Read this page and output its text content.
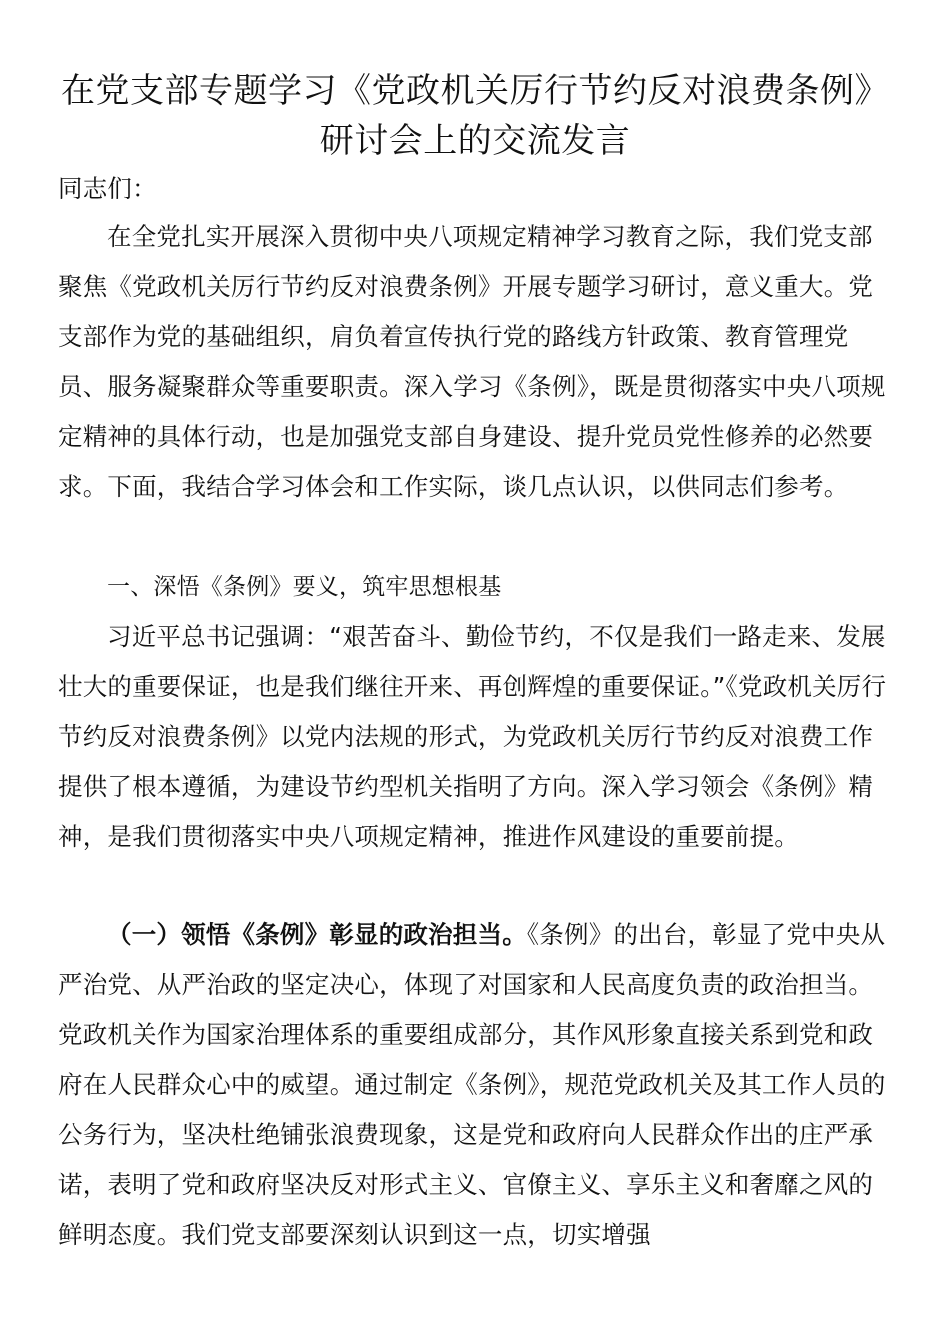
在党支部专题学习《党政机关厉行节约反对浪费条例》研讨会上的交流发言

同志们：

在全党扎实开展深入贯彻中央八项规定精神学习教育之际，我们党支部聚焦《党政机关厉行节约反对浪费条例》开展专题学习研讨，意义重大。党支部作为党的基础组织，肩负着宣传执行党的路线方针政策、教育管理党员、服务凝聚群众等重要职责。深入学习《条例》，既是贯彻落实中央八项规定精神的具体行动，也是加强党支部自身建设、提升党员党性修养的必然要求。下面，我结合学习体会和工作实际，谈几点认识，以供同志们参考。

一、深悟《条例》要义，筑牢思想根基

习近平总书记强调：“艰苦奋斗、勤俭节约，不仅是我们一路走来、发展壮大的重要保证，也是我们继往开来、再创辉煌的重要保证。”《党政机关厉行节约反对浪费条例》以党内法规的形式，为党政机关厉行节约反对浪费工作提供了根本遵循，为建设节约型机关指明了方向。深入学习领会《条例》精神，是我们贯彻落实中央八项规定精神，推进作风建设的重要前提。

（一）领悟《条例》彰显的政治担当。《条例》的出台，彰显了党中央从严治党、从严治政的坚定决心，体现了对国家和人民高度负责的政治担当。党政机关作为国家治理体系的重要组成部分，其作风形象直接关系到党和政府在人民群众心中的威望。通过制定《条例》，规范党政机关及其工作人员的公务行为，坚决杜绝铺张浪费现象，这是党和政府向人民群众作出的庄严承诺，表明了党和政府坚决反对形式主义、官僚主义、享乐主义和奢靡之风的鲜明态度。我们党支部要深刻认识到这一点，切实增强
